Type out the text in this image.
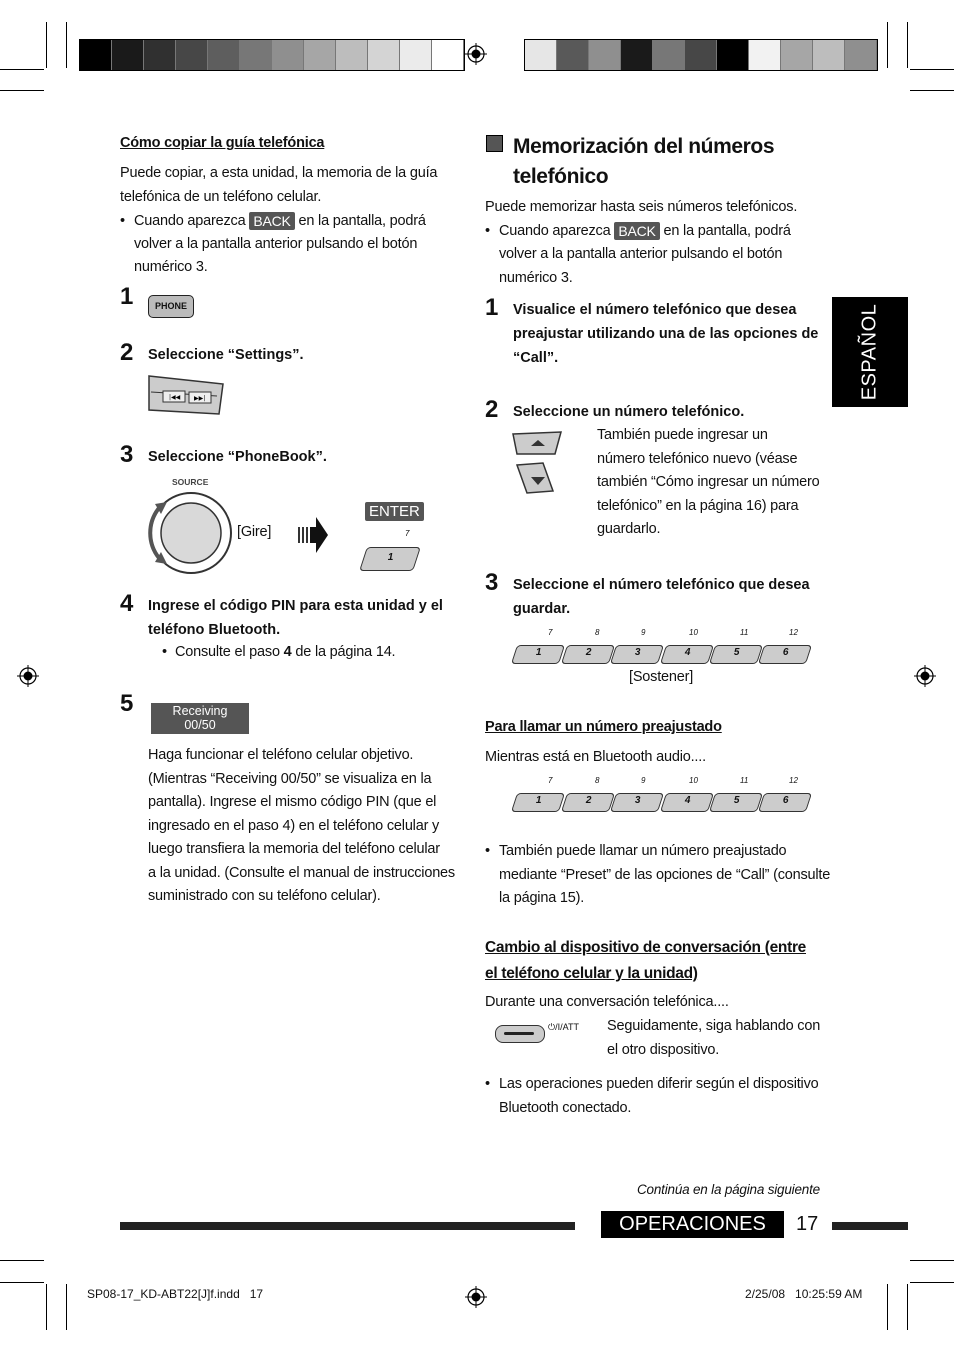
Cómo copiar la guía telefónica
Puede copiar, a esta unidad, la memoria de la guía
telefónica de un teléfono celular.
• Cuando aparezca BACK en la pantalla, podrá
volver a la pantalla anterior pulsando el botón
numérico 3.
1	PHONE
2 Seleccione “Settings”.
|◀◀ ▶▶|
3 Seleccione “PhoneBook”.
SOURCE
[Gire]
ENTER
7
1
4 Ingrese el código PIN para esta unidad y el
teléfono Bluetooth.
• Consulte el paso 4 de la página 14.
5	Receiving
00/50
Haga funcionar el teléfono celular objetivo.
(Mientras “Receiving 00/50” se visualiza en la
pantalla). Ingrese el mismo código PIN (que el
ingresado en el paso 4) en el teléfono celular y
luego transfiera la memoria del teléfono celular
a la unidad. (Consulte el manual de instrucciones
suministrado con su teléfono celular).
Memorización del números
telefónico
Puede memorizar hasta seis números telefónicos.
• Cuando aparezca BACK en la pantalla, podrá
volver a la pantalla anterior pulsando el botón
numérico 3.
1 Visualice el número telefónico que desea
preajustar utilizando una de las opciones de
“Call”.
2 Seleccione un número telefónico.
También puede ingresar un
número telefónico nuevo (véase
también “Cómo ingresar un número
telefónico” en la página 16) para
guardarlo.
3 Seleccione el número telefónico que desea
guardar.
7	8	9	10	11	12
1	2	3	4	5	6
[Sostener]
Para llamar un número preajustado
Mientras está en Bluetooth audio....
7	8	9	10	11	12
1	2	3	4	5	6
• También puede llamar un número preajustado
mediante “Preset” de las opciones de “Call” (consulte
la página 15).
Cambio al dispositivo de conversación (entre
el teléfono celular y la unidad)
Durante una conversación telefónica....
⏻/I/ATT Seguidamente, siga hablando con
el otro dispositivo.
• Las operaciones pueden diferir según el dispositivo
Bluetooth conectado.
ESPAÑOL
Continúa en la página siguiente
OPERACIONES	17
SP08-17_KD-ABT22[J]f.indd   17	2/25/08   10:25:59 AM
